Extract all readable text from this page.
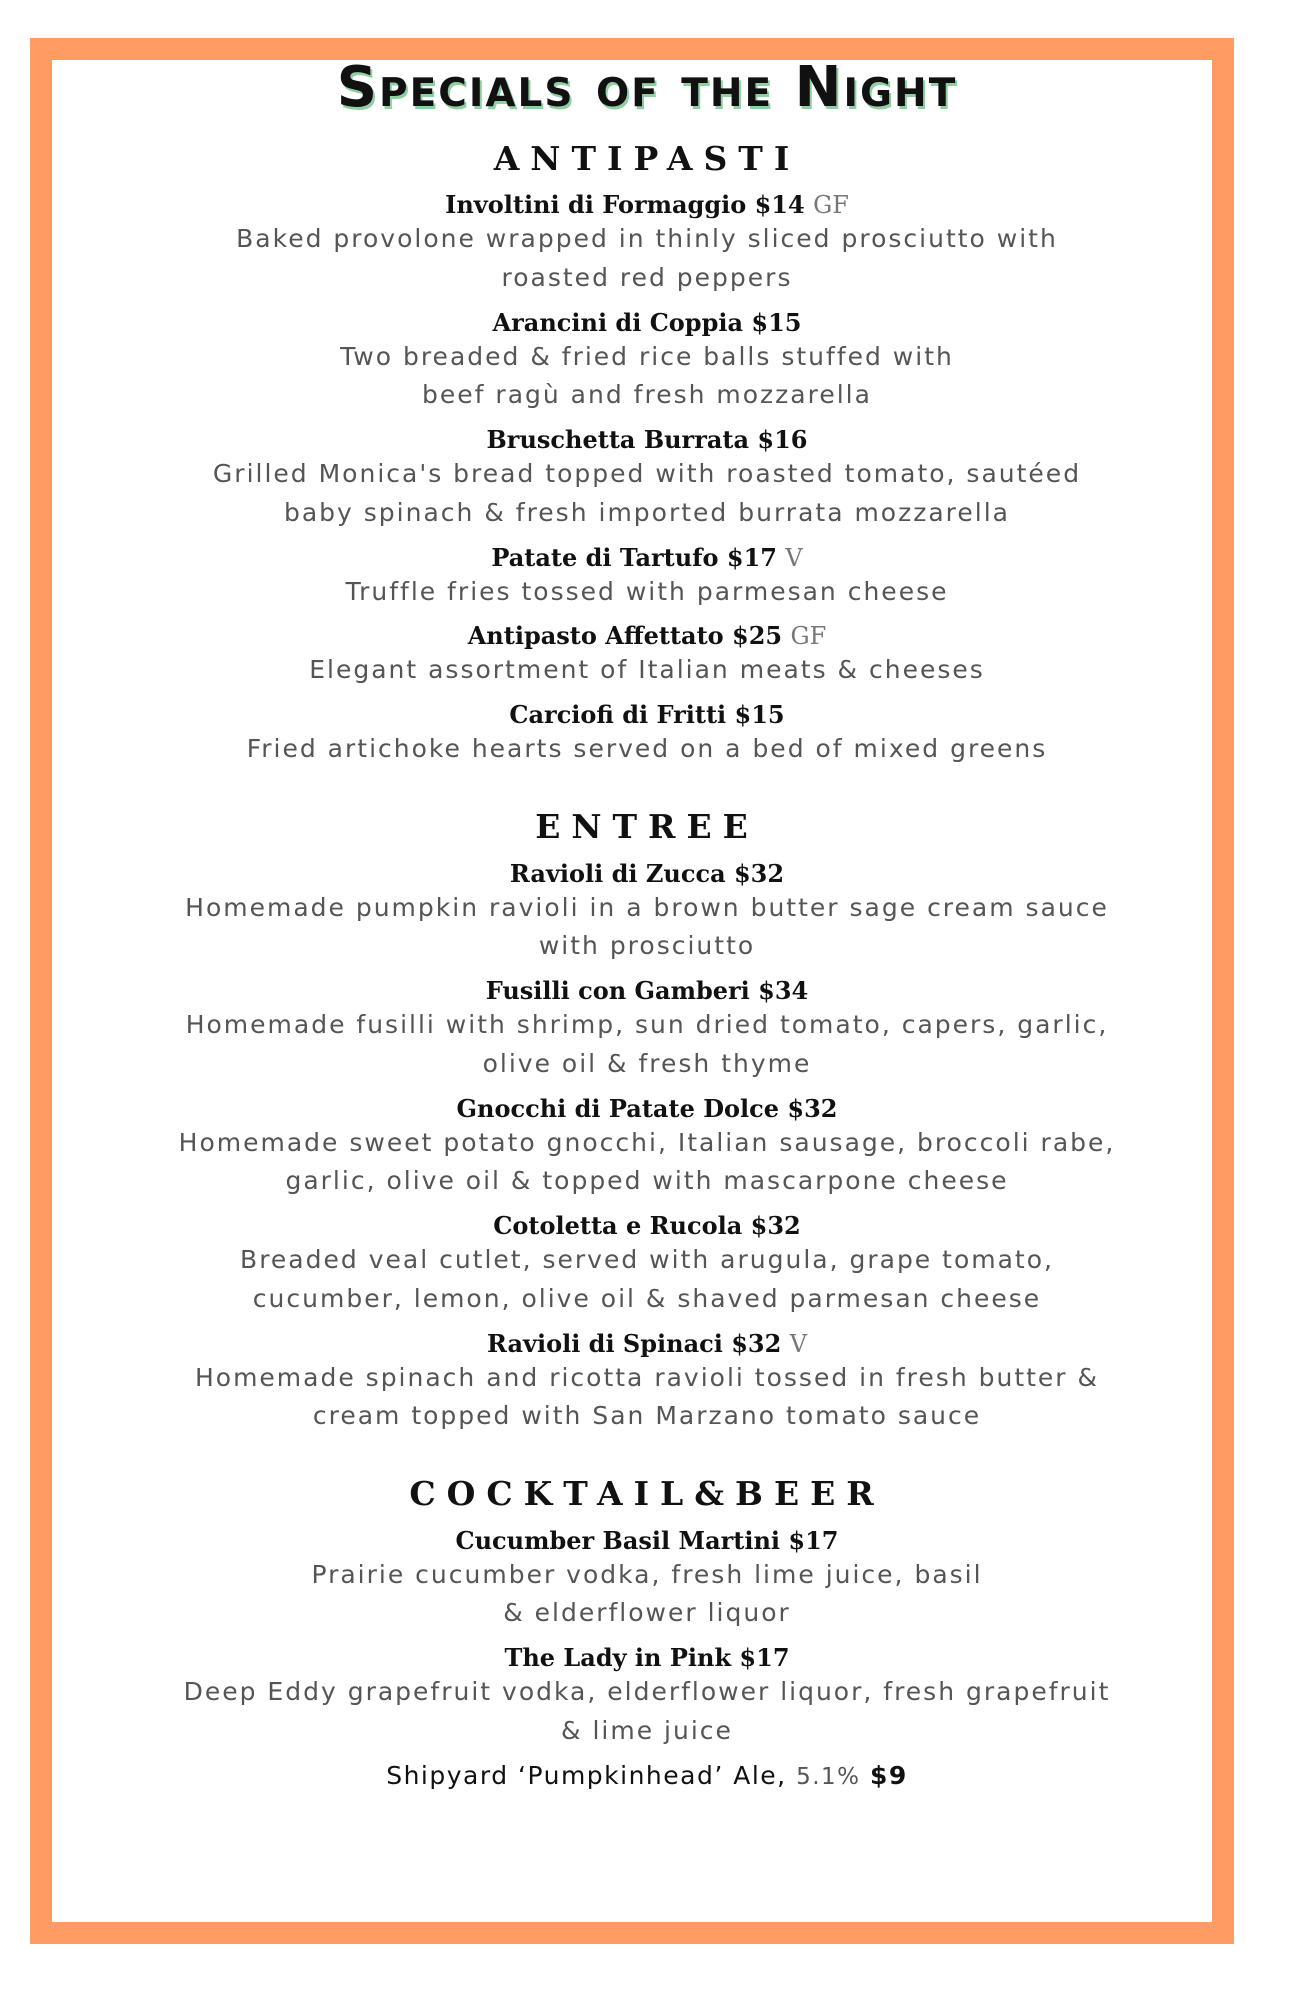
Specials of the Night
ANTIPASTI
Involtini di Formaggio $14 GF
Baked provolone wrapped in thinly sliced prosciutto with
roasted red peppers
Arancini di Coppia $15
Two breaded & fried rice balls stuffed with
beef ragù and fresh mozzarella
Bruschetta Burrata $16
Grilled Monica's bread topped with roasted tomato, sautéed
baby spinach & fresh imported burrata mozzarella
Patate di Tartufo $17 V
Truffle fries tossed with parmesan cheese
Antipasto Affettato $25 GF
Elegant assortment of Italian meats & cheeses
Carciofi di Fritti $15
Fried artichoke hearts served on a bed of mixed greens
ENTREE
Ravioli di Zucca $32
Homemade pumpkin ravioli in a brown butter sage cream sauce
with prosciutto
Fusilli con Gamberi $34
Homemade fusilli with shrimp, sun dried tomato, capers, garlic,
olive oil & fresh thyme
Gnocchi di Patate Dolce $32
Homemade sweet potato gnocchi, Italian sausage, broccoli rabe,
garlic, olive oil & topped with mascarpone cheese
Cotoletta e Rucola $32
Breaded veal cutlet, served with arugula, grape tomato,
cucumber, lemon, olive oil & shaved parmesan cheese
Ravioli di Spinaci $32 V
Homemade spinach and ricotta ravioli tossed in fresh butter &
cream topped with San Marzano tomato sauce
COCKTAIL&BEER
Cucumber Basil Martini $17
Prairie cucumber vodka, fresh lime juice, basil
& elderflower liquor
The Lady in Pink $17
Deep Eddy grapefruit vodka, elderflower liquor, fresh grapefruit
& lime juice
Shipyard ‘Pumpkinhead’ Ale, 5.1% $9
